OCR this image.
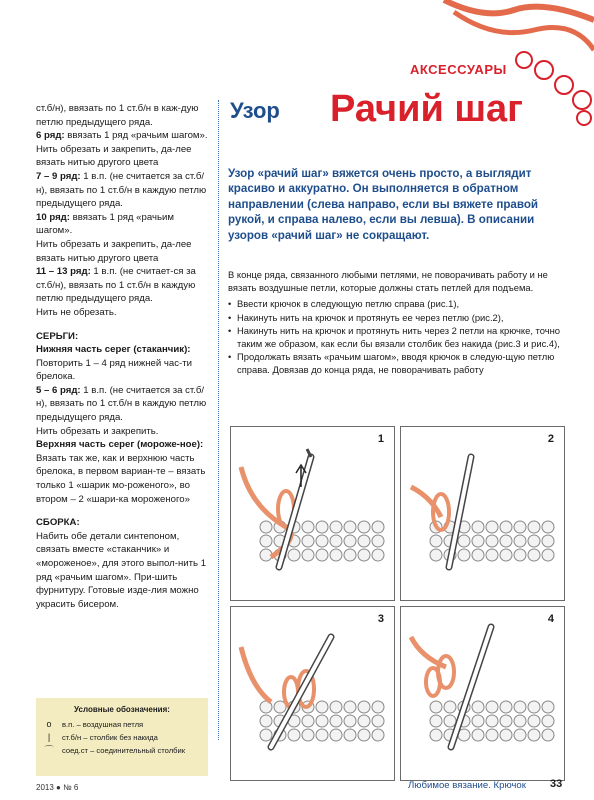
АКСЕССУАРЫ

ст.б/н), ввязать по 1 ст.б/н в каж-дую петлю предыдущего ряда.

6 ряд: ввязать 1 ряд «рачьим шагом».

Нить обрезать и закрепить, да-лее вязать нитью другого цвета

7 – 9 ряд: 1 в.п. (не считается за ст.б/н), ввязать по 1 ст.б/н в каждую петлю предыдущего ряда.

10 ряд: ввязать 1 ряд «рачьим шагом».

Нить обрезать и закрепить, да-лее вязать нитью другого цвета

11 – 13 ряд: 1 в.п. (не считает-ся за ст.б/н), ввязать по 1 ст.б/н в каждую петлю предыдущего ряда.

Нить не обрезать.

СЕРЬГИ:

Нижняя часть серег (стаканчик):

Повторить 1 – 4 ряд нижней час-ти брелока.

5 – 6 ряд: 1 в.п. (не считается за ст.б/н), ввязать по 1 ст.б/н в каждую петлю предыдущего ряда.

Нить обрезать и закрепить.

Верхняя часть серег (мороже-ное):

Вязать так же, как и верхнюю часть брелока, в первом вариан-те – вязать только 1 «шарик мо-роженого», во втором – 2 «шари-ка мороженого»

СБОРКА:

Набить обе детали синтепоном, связать вместе «стаканчик» и «мороженое», для этого выпол-нить 1 ряд «рачьим шагом». При-шить фурнитуру. Готовые изде-лия можно украсить бисером.

Условные обозначения:
o	в.п. – воздушная петля
|	ст.б/н – столбик без накида
⌒	соед.ст – соединительный столбик
Узор Рачий шаг
Узор «рачий шаг» вяжется очень просто, а выглядит красиво и аккуратно. Он выполняется в обратном направлении (слева направо, если вы вяжете правой рукой, и справа налево, если вы левша). В описании узоров «рачий шаг» не сокращают.

В конце ряда, связанного любыми петлями, не поворачивать работу и не вязать воздушные петли, которые должны стать петлей для подъема.

• Ввести крючок в следующую петлю справа (рис.1),
• Накинуть нить на крючок и протянуть ее через петлю (рис.2),
• Накинуть нить на крючок и протянуть нить через 2 петли на крючке, точно таким же образом, как если бы вязали столбик без накида (рис.3 и рис.4),
• Продолжать вязать «рачьим шагом», вводя крючок в следую-щую петлю справа. Довязав до конца ряда, не поворачивать работу
1	2
3	4
2013 ● № 6	Любимое вязание. Крючок 33
